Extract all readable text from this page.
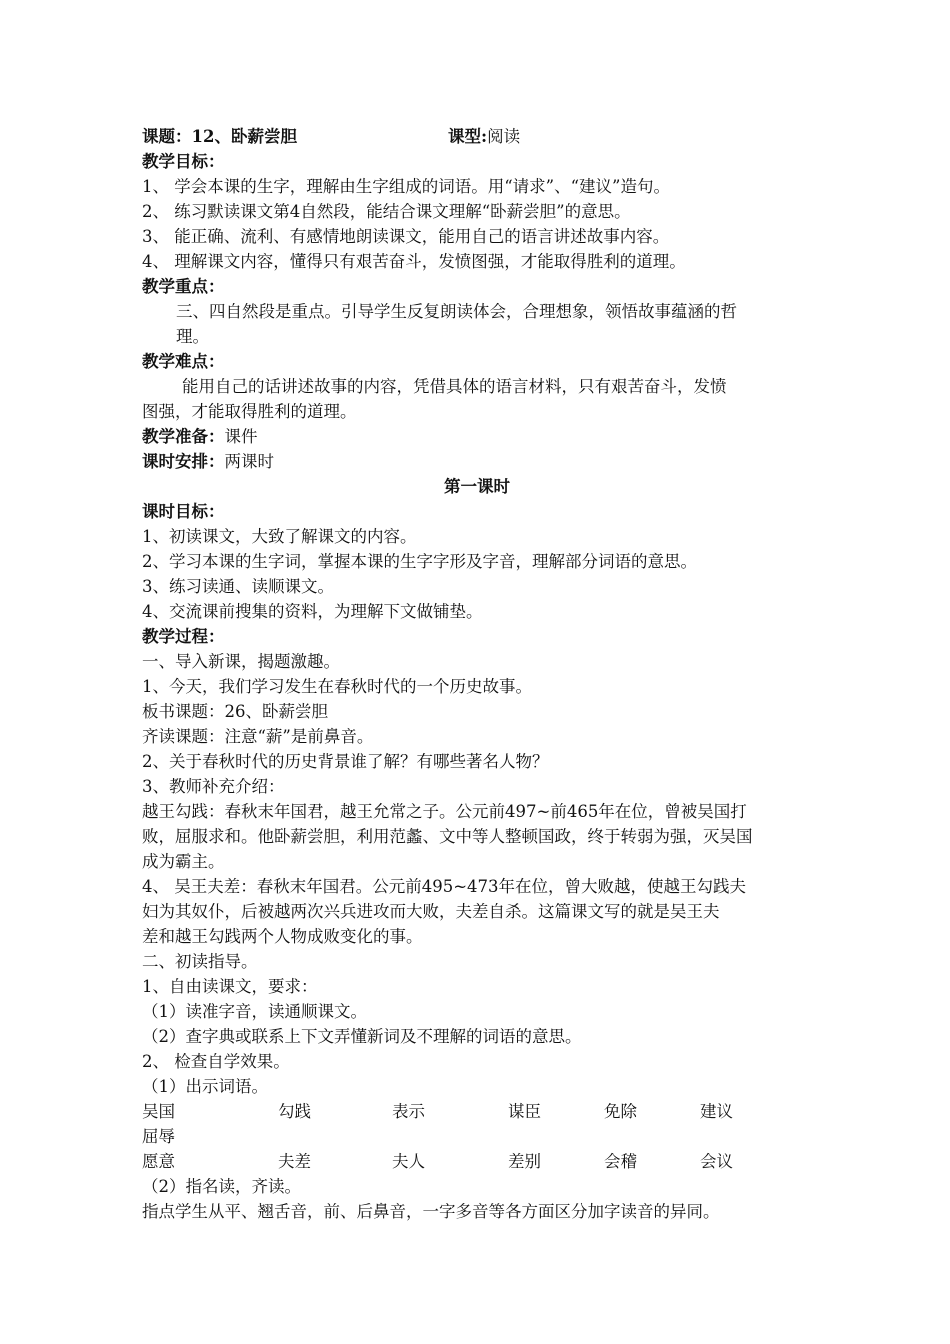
课题：12、卧薪尝胆	课型:阅读
教学目标：
1、 学会本课的生字，理解由生字组成的词语。用“请求”、“建议”造句。
2、 练习默读课文第4自然段，能结合课文理解“卧薪尝胆”的意思。
3、 能正确、流利、有感情地朗读课文，能用自己的语言讲述故事内容。
4、 理解课文内容，懂得只有艰苦奋斗，发愤图强，才能取得胜利的道理。
教学重点：
三、四自然段是重点。引导学生反复朗读体会，合理想象，领悟故事蕴涵的哲
理。
教学难点：
能用自己的话讲述故事的内容，凭借具体的语言材料，只有艰苦奋斗，发愤
图强，才能取得胜利的道理。
教学准备：课件
课时安排：两课时
第一课时
课时目标：
1、初读课文，大致了解课文的内容。
2、学习本课的生字词，掌握本课的生字字形及字音，理解部分词语的意思。
3、练习读通、读顺课文。
4、交流课前搜集的资料，为理解下文做铺垫。
教学过程：
一、导入新课，揭题激趣。
1、今天，我们学习发生在春秋时代的一个历史故事。
板书课题：26、卧薪尝胆
齐读课题：注意“薪”是前鼻音。
2、关于春秋时代的历史背景谁了解？有哪些著名人物？
3、教师补充介绍：
越王勾践：春秋末年国君，越王允常之子。公元前497~前465年在位，曾被吴国打
败，屈服求和。他卧薪尝胆，利用范蠡、文中等人整顿国政，终于转弱为强，灭吴国
成为霸主。
4、 吴王夫差：春秋末年国君。公元前495~473年在位，曾大败越，使越王勾践夫
妇为其奴仆，后被越两次兴兵进攻而大败，夫差自杀。这篇课文写的就是吴王夫
差和越王勾践两个人物成败变化的事。
二、初读指导。
1、自由读课文，要求：
（1）读准字音，读通顺课文。
（2）查字典或联系上下文弄懂新词及不理解的词语的意思。
2、 检查自学效果。
（1）出示词语。
吴国	勾践	表示	谋臣	免除	建议
屈辱
愿意	夫差	夫人	差别	会稽	会议
（2）指名读，齐读。
指点学生从平、翘舌音，前、后鼻音，一字多音等各方面区分加字读音的异同。
